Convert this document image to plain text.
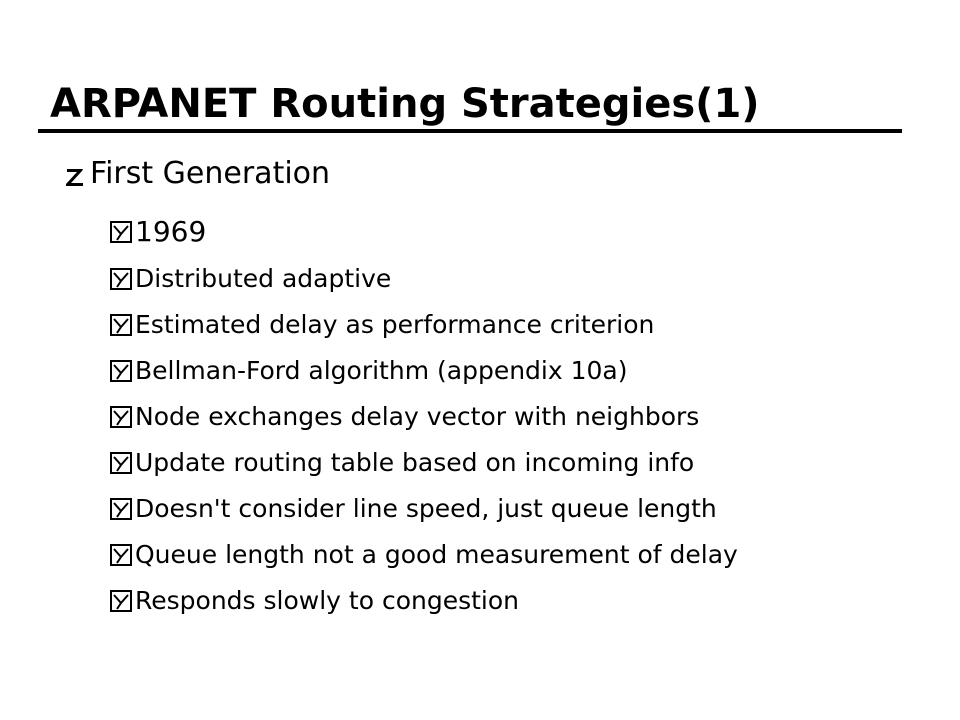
ARPANET Routing Strategies(1)
First Generation
1969
Distributed adaptive
Estimated delay as performance criterion
Bellman-Ford algorithm (appendix 10a)
Node exchanges delay vector with neighbors
Update routing table based on incoming info
Doesn't consider line speed, just queue length
Queue length not a good measurement of delay
Responds slowly to congestion
